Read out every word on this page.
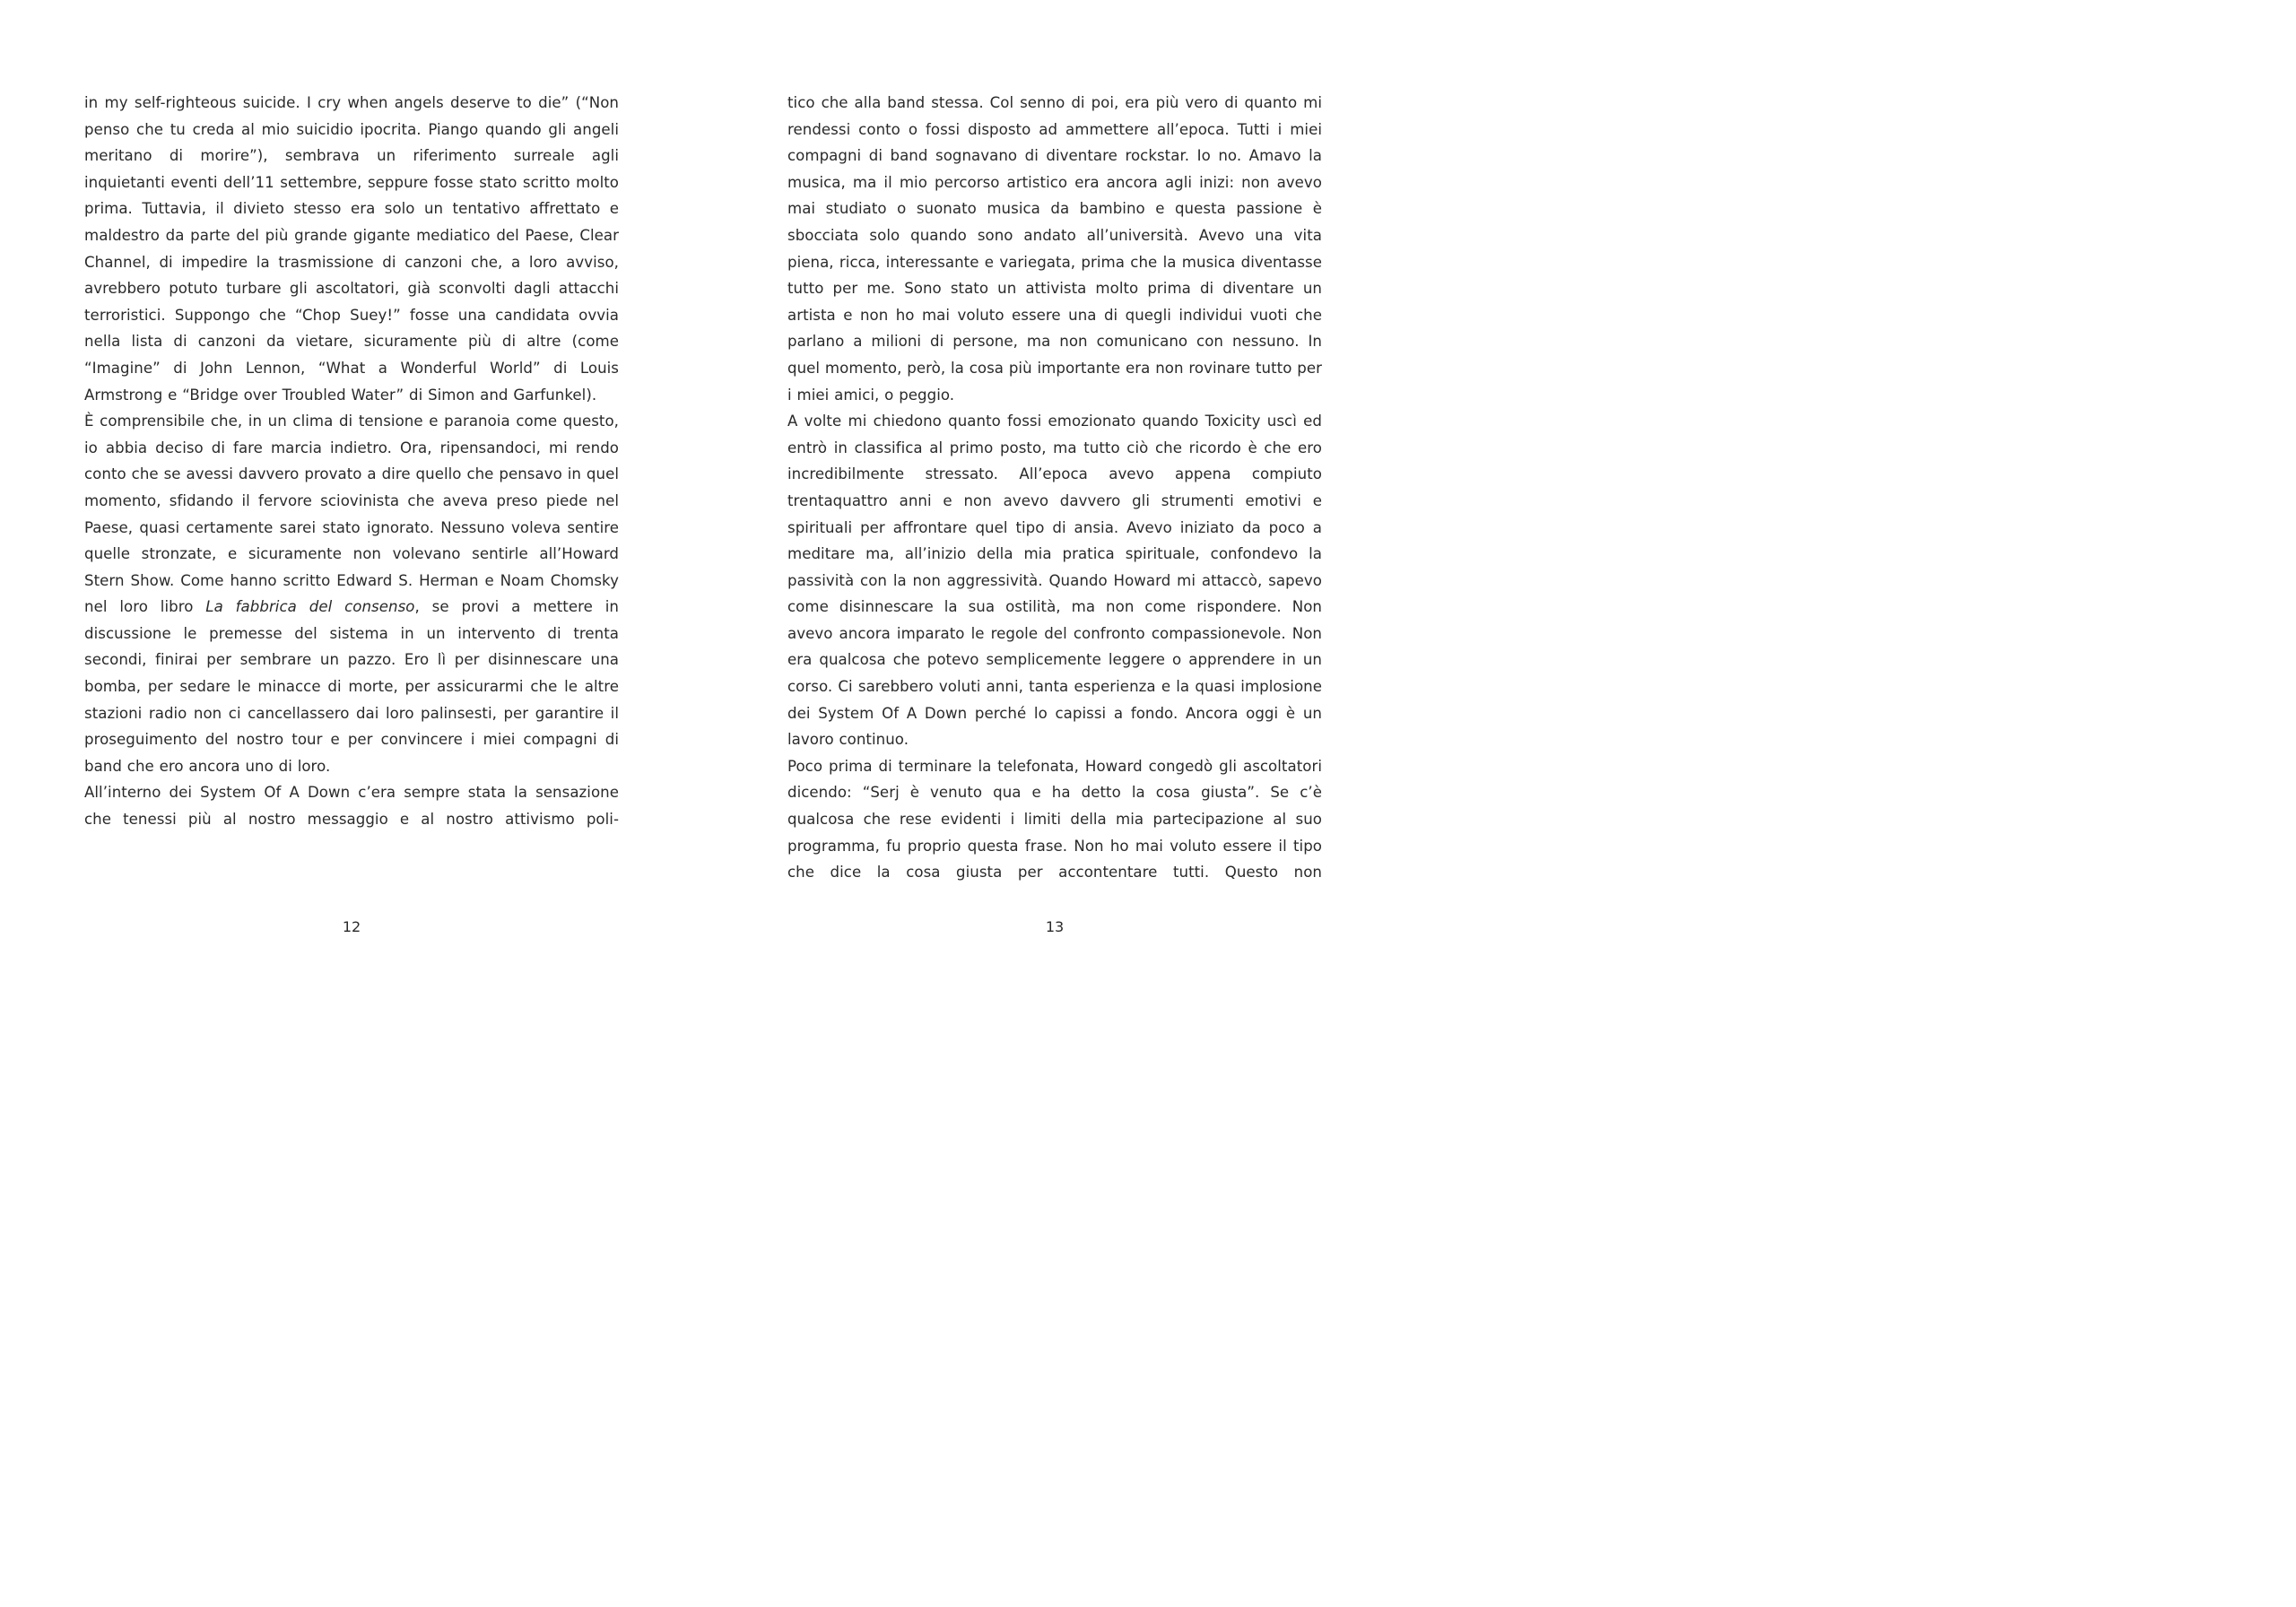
in my self-righteous suicide. I cry when angels deserve to die” (“Non penso che tu creda al mio suicidio ipocrita. Piango quando gli angeli meritano di morire”), sembrava un riferimento surreale agli inquietanti eventi dell’11 settembre, seppure fosse stato scritto molto prima. Tuttavia, il divieto stesso era solo un tentativo affrettato e maldestro da parte del più grande gigante mediatico del Paese, Clear Channel, di impedire la trasmissione di canzoni che, a loro avviso, avrebbero potuto turbare gli ascoltatori, già sconvolti dagli attacchi terroristici. Suppongo che “Chop Suey!” fosse una candidata ovvia nella lista di canzoni da vietare, sicuramente più di altre (come “Imagine” di John Lennon, “What a Wonderful World” di Louis Armstrong e “Bridge over Troubled Water” di Simon and Garfunkel).

È comprensibile che, in un clima di tensione e paranoia come questo, io abbia deciso di fare marcia indietro. Ora, ripensandoci, mi rendo conto che se avessi davvero provato a dire quello che pensavo in quel momento, sfidando il fervore sciovinista che aveva preso piede nel Paese, quasi certamente sarei stato ignorato. Nessuno voleva sentire quelle stronzate, e sicuramente non volevano sentirle all’Howard Stern Show. Come hanno scritto Edward S. Herman e Noam Chomsky nel loro libro La fabbrica del consenso, se provi a mettere in discussione le premesse del sistema in un intervento di trenta secondi, finirai per sembrare un pazzo. Ero lì per disinnescare una bomba, per sedare le minacce di morte, per assicurarmi che le altre stazioni radio non ci cancellassero dai loro palinsesti, per garantire il proseguimento del nostro tour e per convincere i miei compagni di band che ero ancora uno di loro.

All’interno dei System Of A Down c’era sempre stata la sensazione che tenessi più al nostro messaggio e al nostro attivismo poli-

tico che alla band stessa. Col senno di poi, era più vero di quanto mi rendessi conto o fossi disposto ad ammettere all’epoca. Tutti i miei compagni di band sognavano di diventare rockstar. Io no. Amavo la musica, ma il mio percorso artistico era ancora agli inizi: non avevo mai studiato o suonato musica da bambino e questa passione è sbocciata solo quando sono andato all’università. Avevo una vita piena, ricca, interessante e variegata, prima che la musica diventasse tutto per me. Sono stato un attivista molto prima di diventare un artista e non ho mai voluto essere una di quegli individui vuoti che parlano a milioni di persone, ma non comunicano con nessuno. In quel momento, però, la cosa più importante era non rovinare tutto per i miei amici, o peggio.

A volte mi chiedono quanto fossi emozionato quando Toxicity uscì ed entrò in classifica al primo posto, ma tutto ciò che ricordo è che ero incredibilmente stressato. All’epoca avevo appena compiuto trentaquattro anni e non avevo davvero gli strumenti emotivi e spirituali per affrontare quel tipo di ansia. Avevo iniziato da poco a meditare ma, all’inizio della mia pratica spirituale, confondevo la passività con la non aggressività. Quando Howard mi attaccò, sapevo come disinnescare la sua ostilità, ma non come rispondere. Non avevo ancora imparato le regole del confronto compassionevole. Non era qualcosa che potevo semplicemente leggere o apprendere in un corso. Ci sarebbero voluti anni, tanta esperienza e la quasi implosione dei System Of A Down perché lo capissi a fondo. Ancora oggi è un lavoro continuo.

Poco prima di terminare la telefonata, Howard congedò gli ascoltatori dicendo: “Serj è venuto qua e ha detto la cosa giusta”. Se c’è qualcosa che rese evidenti i limiti della mia partecipazione al suo programma, fu proprio questa frase. Non ho mai voluto essere il tipo che dice la cosa giusta per accontentare tutti. Questo non

12	13
